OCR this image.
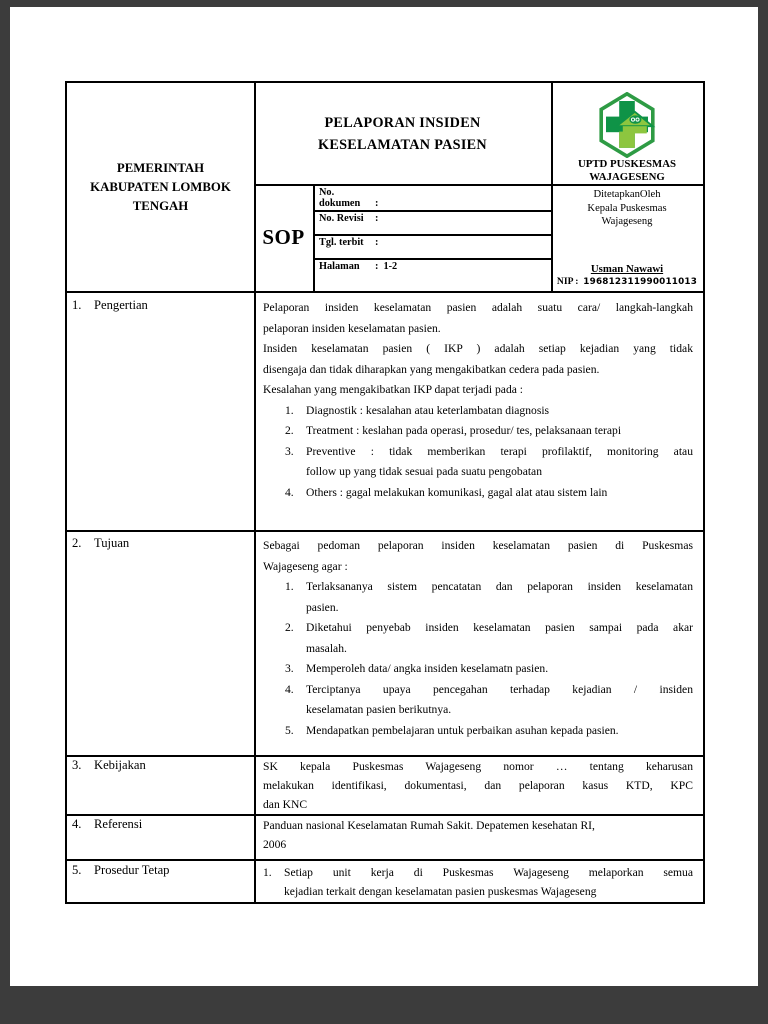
PEMERINTAH KABUPATEN LOMBOK TENGAH
PELAPORAN INSIDEN KESELAMATAN PASIEN
UPTD PUSKESMAS WAJAGESENG
SOP
No. dokumen :
No. Revisi :
Tgl. terbit :
Halaman : 1-2
DitetapkanOleh
Kepala Puskesmas
Wajageseng
Usman Nawawi
NIP : 196812311990011013
1. Pengertian	Pelaporan insiden keselamatan pasien adalah suatu cara/ langkah-langkah
pelaporan insiden keselamatan pasien.
Insiden keselamatan pasien ( IKP ) adalah setiap kejadian yang tidak
disengaja dan tidak diharapkan yang mengakibatkan cedera pada pasien.
Kesalahan yang mengakibatkan IKP dapat terjadi pada :
1.	Diagnostik : kesalahan atau keterlambatan diagnosis
2.	Treatment : keslahan pada operasi, prosedur/ tes, pelaksanaan terapi
3.	Preventive : tidak memberikan terapi profilaktif, monitoring atau
follow up yang tidak sesuai pada suatu pengobatan
4.	Others : gagal melakukan komunikasi, gagal alat atau sistem lain
2. Tujuan	Sebagai pedoman pelaporan insiden keselamatan pasien di Puskesmas
Wajageseng agar :
1.	Terlaksananya sistem pencatatan dan pelaporan insiden keselamatan
pasien.
2.	Diketahui penyebab insiden keselamatan pasien sampai pada akar
masalah.
3.	Memperoleh data/ angka insiden keselamatn pasien.
4.	Terciptanya upaya pencegahan terhadap kejadian / insiden
keselamatan pasien berikutnya.
5.	Mendapatkan pembelajaran untuk perbaikan asuhan kepada pasien.
3. Kebijakan	SK kepala Puskesmas Wajageseng nomor … tentang keharusan
melakukan identifikasi, dokumentasi, dan pelaporan kasus KTD, KPC
dan KNC
4. Referensi	Panduan nasional Keselamatan Rumah Sakit. Depatemen kesehatan RI,
2006
5. Prosedur Tetap	1.	Setiap unit kerja di Puskesmas Wajageseng melaporkan semua
kejadian terkait dengan keselamatan pasien puskesmas Wajageseng
